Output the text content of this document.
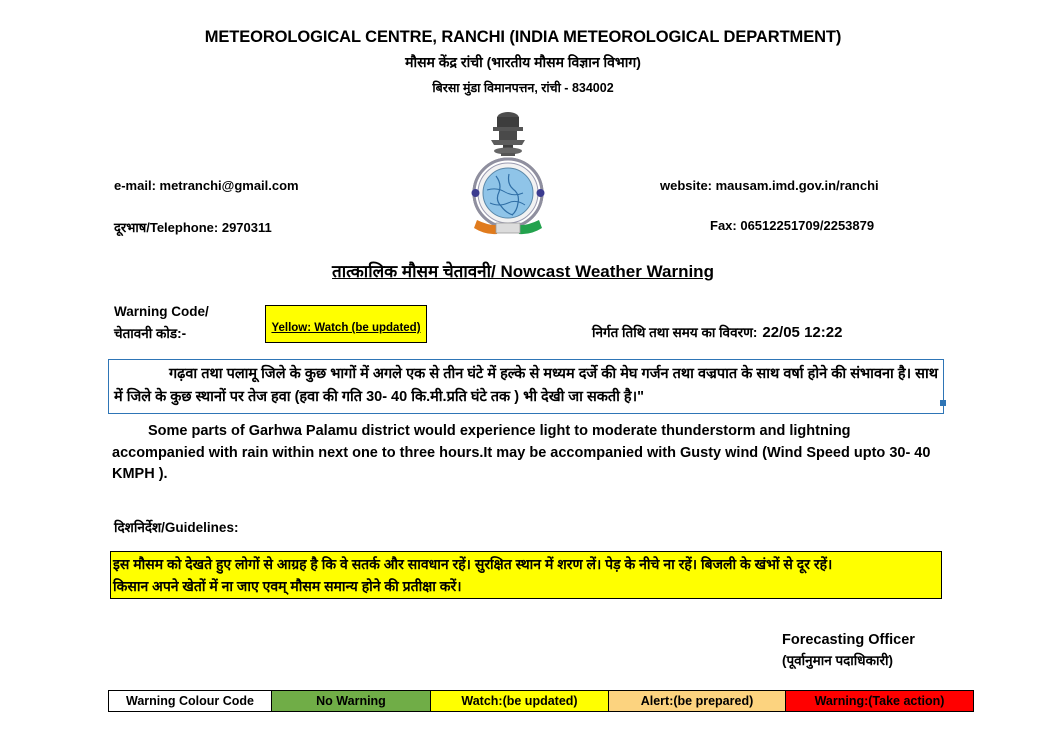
METEOROLOGICAL CENTRE, RANCHI (INDIA METEOROLOGICAL DEPARTMENT)
मौसम केंद्र रांची (भारतीय मौसम विज्ञान विभाग)
बिरसा मुंडा विमानपत्तन, रांची - 834002
e-mail: metranchi@gmail.com	website: mausam.imd.gov.in/ranchi
दूरभाष/Telephone: 2970311	Fax: 06512251709/2253879
तात्कालिक मौसम चेतावनी/ Nowcast Weather Warning
Warning Code/
चेतावनी कोड:-	Yellow: Watch (be updated)	निर्गत तिथि तथा समय का विवरण: 22/05 12:22

गढ़वा तथा पलामू जिले के कुछ भागों में अगले एक से तीन घंटे में हल्के से मध्यम दर्जे की मेघ गर्जन तथा वज्रपात के साथ वर्षा होने की संभावना है। साथ में जिले के कुछ स्थानों पर तेज हवा (हवा की गति 30- 40 कि.मी.प्रति घंटे तक ) भी देखी जा सकती है।"

Some parts of Garhwa Palamu district would experience light to moderate thunderstorm and lightning accompanied with rain within next one to three hours.It may be accompanied with Gusty wind (Wind Speed upto 30- 40 KMPH ).
दिशनिर्देश/Guidelines:

इस मौसम को देखते हुए लोगों से आग्रह है कि वे सतर्क और सावधान रहें। सुरक्षित स्थान में शरण लें। पेड़ के नीचे ना रहें। बिजली के खंभों से दूर रहें।

किसान अपने खेतों में ना जाए एवम् मौसम समान्य होने की प्रतीक्षा करें।

Forecasting Officer
(पूर्वानुमान पदाधिकारी)
Warning Colour Code	No Warning	Watch:(be updated)	Alert:(be prepared)	Warning:(Take action)
